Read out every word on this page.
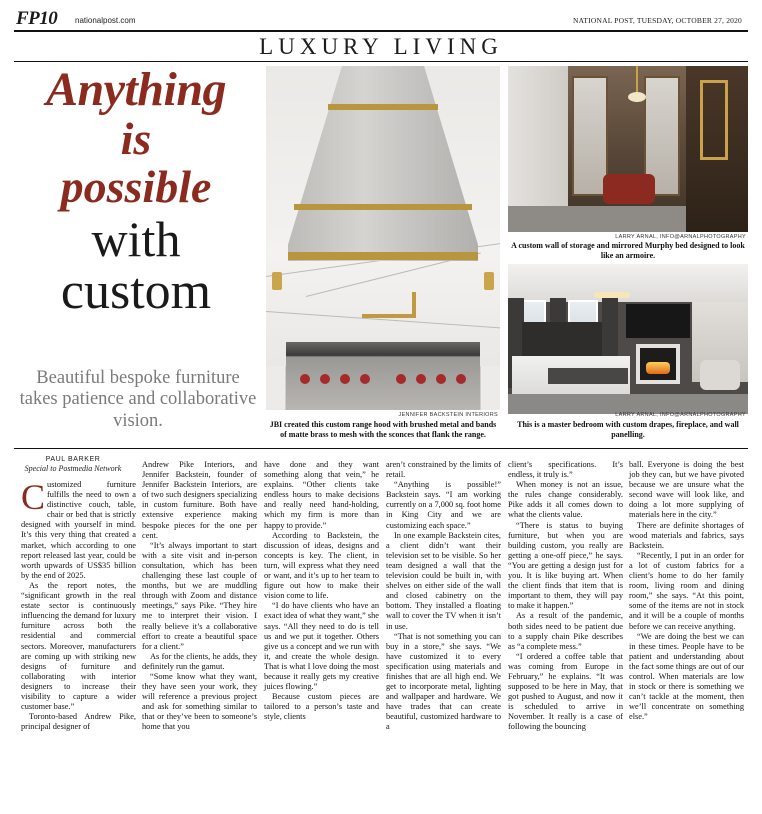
FP10 nationalpost.com	NATIONAL POST, TUESDAY, OCTOBER 27, 2020
LUXURY LIVING
Anything
is
possible
with
custom
Beautiful bespoke furniture takes patience and collaborative vision.	JENNIFER BACKSTEIN INTERIORS
JBI created this custom range hood with brushed metal and bands of matte brass to mesh with the sconces that flank the range.
LARRY ARNAL, INFO@ARNALPHOTOGRAPHY
A custom wall of storage and mirrored Murphy bed designed to look like an armoire.
LARRY ARNAL, INFO@ARNALPHOTOGRAPHY
This is a master bedroom with custom drapes, fireplace, and wall panelling.
PAUL BARKER
Special to Postmedia Network

Customized furniture fulfills the need to own a distinctive couch, table, chair or bed that is strictly designed with yourself in mind. It’s this very thing that created a market, which according to one report released last year, could be worth upwards of US$35 billion by the end of 2025.

As the report notes, the “significant growth in the real estate sector is continuously influencing the demand for luxury furniture across both the residential and commercial sectors. Moreover, manufacturers are coming up with striking new designs of furniture and collaborating with interior designers to increase their visibility to capture a wider customer base.”

Toronto-based Andrew Pike, principal designer of

Andrew Pike Interiors, and Jennifer Backstein, founder of Jennifer Backstein Interiors, are of two such designers specializing in custom furniture. Both have extensive experience making bespoke pieces for the one per cent.

“It’s always important to start with a site visit and in-person consultation, which has been challenging these last couple of months, but we are muddling through with Zoom and distance meetings,” says Pike. “They hire me to interpret their vision. I really believe it’s a collaborative effort to create a beautiful space for a client.”

As for the clients, he adds, they definitely run the gamut.

“Some know what they want, they have seen your work, they will reference a previous project and ask for something similar to that or they’ve been to someone’s home that you

have done and they want something along that vein,” he explains. “Other clients take endless hours to make decisions and really need hand-holding, which my firm is more than happy to provide.”

According to Backstein, the discussion of ideas, designs and concepts is key. The client, in turn, will express what they need or want, and it’s up to her team to figure out how to make their vision come to life.

“I do have clients who have an exact idea of what they want,” she says. “All they need to do is tell us and we put it together. Others give us a concept and we run with it, and create the whole design. That is what I love doing the most because it really gets my creative juices flowing.”

Because custom pieces are tailored to a person’s taste and style, clients

aren’t constrained by the limits of retail.

“Anything is possible!” Backstein says. “I am working currently on a 7,000 sq. foot home in King City and we are customizing each space.”

In one example Backstein cites, a client didn’t want their television set to be visible. So her team designed a wall that the television could be built in, with shelves on either side of the wall and closed cabinetry on the bottom. They installed a floating wall to cover the TV when it isn’t in use.

“That is not something you can buy in a store,” she says. “We have customized it to every specification using materials and finishes that are all high end. We get to incorporate metal, lighting and wallpaper and hardware. We have trades that can create beautiful, customized hardware to a

client’s specifications. It’s endless, it truly is.”

When money is not an issue, the rules change considerably. Pike adds it all comes down to what the clients value.

“There is status to buying furniture, but when you are building custom, you really are getting a one-off piece,” he says. “You are getting a design just for you. It is like buying art. When the client finds that item that is important to them, they will pay to make it happen.”

As a result of the pandemic, both sides need to be patient due to a supply chain Pike describes as “a complete mess.”

“I ordered a coffee table that was coming from Europe in February,” he explains. “It was supposed to be here in May, that got pushed to August, and now it is scheduled to arrive in November. It really is a case of following the bouncing

ball. Everyone is doing the best job they can, but we have pivoted because we are unsure what the second wave will look like, and doing a lot more supplying of materials here in the city.”

There are definite shortages of wood materials and fabrics, says Backstein.

“Recently, I put in an order for a lot of custom fabrics for a client’s home to do her family room, living room and dining room,” she says. “At this point, some of the items are not in stock and it will be a couple of months before we can receive anything.

“We are doing the best we can in these times. People have to be patient and understanding about the fact some things are out of our control. When materials are low in stock or there is something we can’t tackle at the moment, then we’ll concentrate on something else.”
